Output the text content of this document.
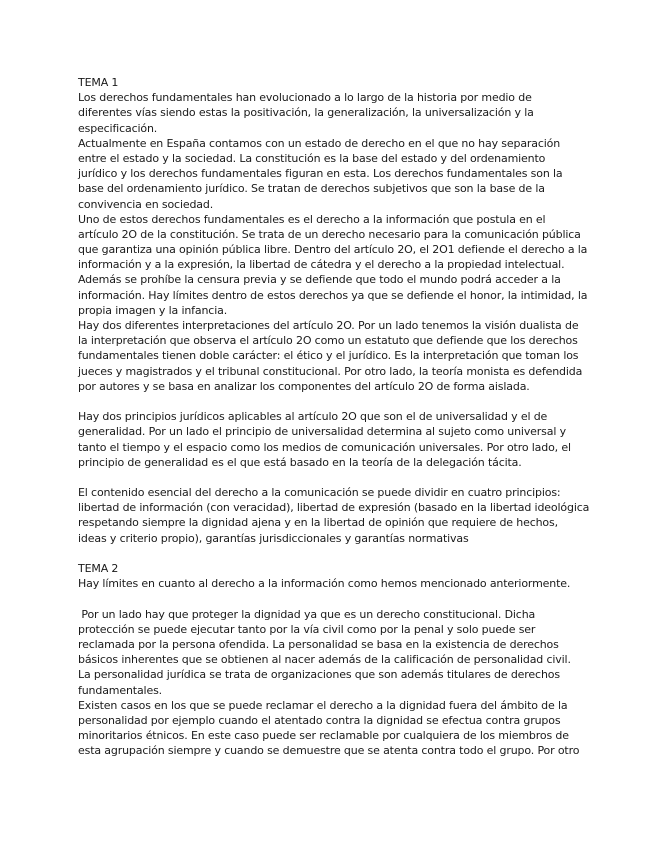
TEMA 1
Los derechos fundamentales han evolucionado a lo largo de la historia por medio de
diferentes vías siendo estas la positivación, la generalización, la universalización y la
especificación.
Actualmente en España contamos con un estado de derecho en el que no hay separación
entre el estado y la sociedad. La constitución es la base del estado y del ordenamiento
jurídico y los derechos fundamentales figuran en esta. Los derechos fundamentales son la
base del ordenamiento jurídico. Se tratan de derechos subjetivos que son la base de la
convivencia en sociedad.
Uno de estos derechos fundamentales es el derecho a la información que postula en el
artículo 2O de la constitución. Se trata de un derecho necesario para la comunicación pública
que garantiza una opinión pública libre. Dentro del artículo 2O, el 2O1 defiende el derecho a la
información y a la expresión, la libertad de cátedra y el derecho a la propiedad intelectual.
Además se prohíbe la censura previa y se defiende que todo el mundo podrá acceder a la
información. Hay límites dentro de estos derechos ya que se defiende el honor, la intimidad, la
propia imagen y la infancia.
Hay dos diferentes interpretaciones del artículo 2O. Por un lado tenemos la visión dualista de
la interpretación que observa el artículo 2O como un estatuto que defiende que los derechos
fundamentales tienen doble carácter: el ético y el jurídico. Es la interpretación que toman los
jueces y magistrados y el tribunal constitucional. Por otro lado, la teoría monista es defendida
por autores y se basa en analizar los componentes del artículo 2O de forma aislada.
Hay dos principios jurídicos aplicables al artículo 2O que son el de universalidad y el de
generalidad. Por un lado el principio de universalidad determina al sujeto como universal y
tanto el tiempo y el espacio como los medios de comunicación universales. Por otro lado, el
principio de generalidad es el que está basado en la teoría de la delegación tácita.
El contenido esencial del derecho a la comunicación se puede dividir en cuatro principios:
libertad de información (con veracidad), libertad de expresión (basado en la libertad ideológica
respetando siempre la dignidad ajena y en la libertad de opinión que requiere de hechos,
ideas y criterio propio), garantías jurisdiccionales y garantías normativas
TEMA 2
Hay límites en cuanto al derecho a la información como hemos mencionado anteriormente.
Por un lado hay que proteger la dignidad ya que es un derecho constitucional. Dicha
protección se puede ejecutar tanto por la vía civil como por la penal y solo puede ser
reclamada por la persona ofendida. La personalidad se basa en la existencia de derechos
básicos inherentes que se obtienen al nacer además de la calificación de personalidad civil.
La personalidad jurídica se trata de organizaciones que son además titulares de derechos
fundamentales.
Existen casos en los que se puede reclamar el derecho a la dignidad fuera del ámbito de la
personalidad por ejemplo cuando el atentado contra la dignidad se efectua contra grupos
minoritarios étnicos. En este caso puede ser reclamable por cualquiera de los miembros de
esta agrupación siempre y cuando se demuestre que se atenta contra todo el grupo. Por otro
